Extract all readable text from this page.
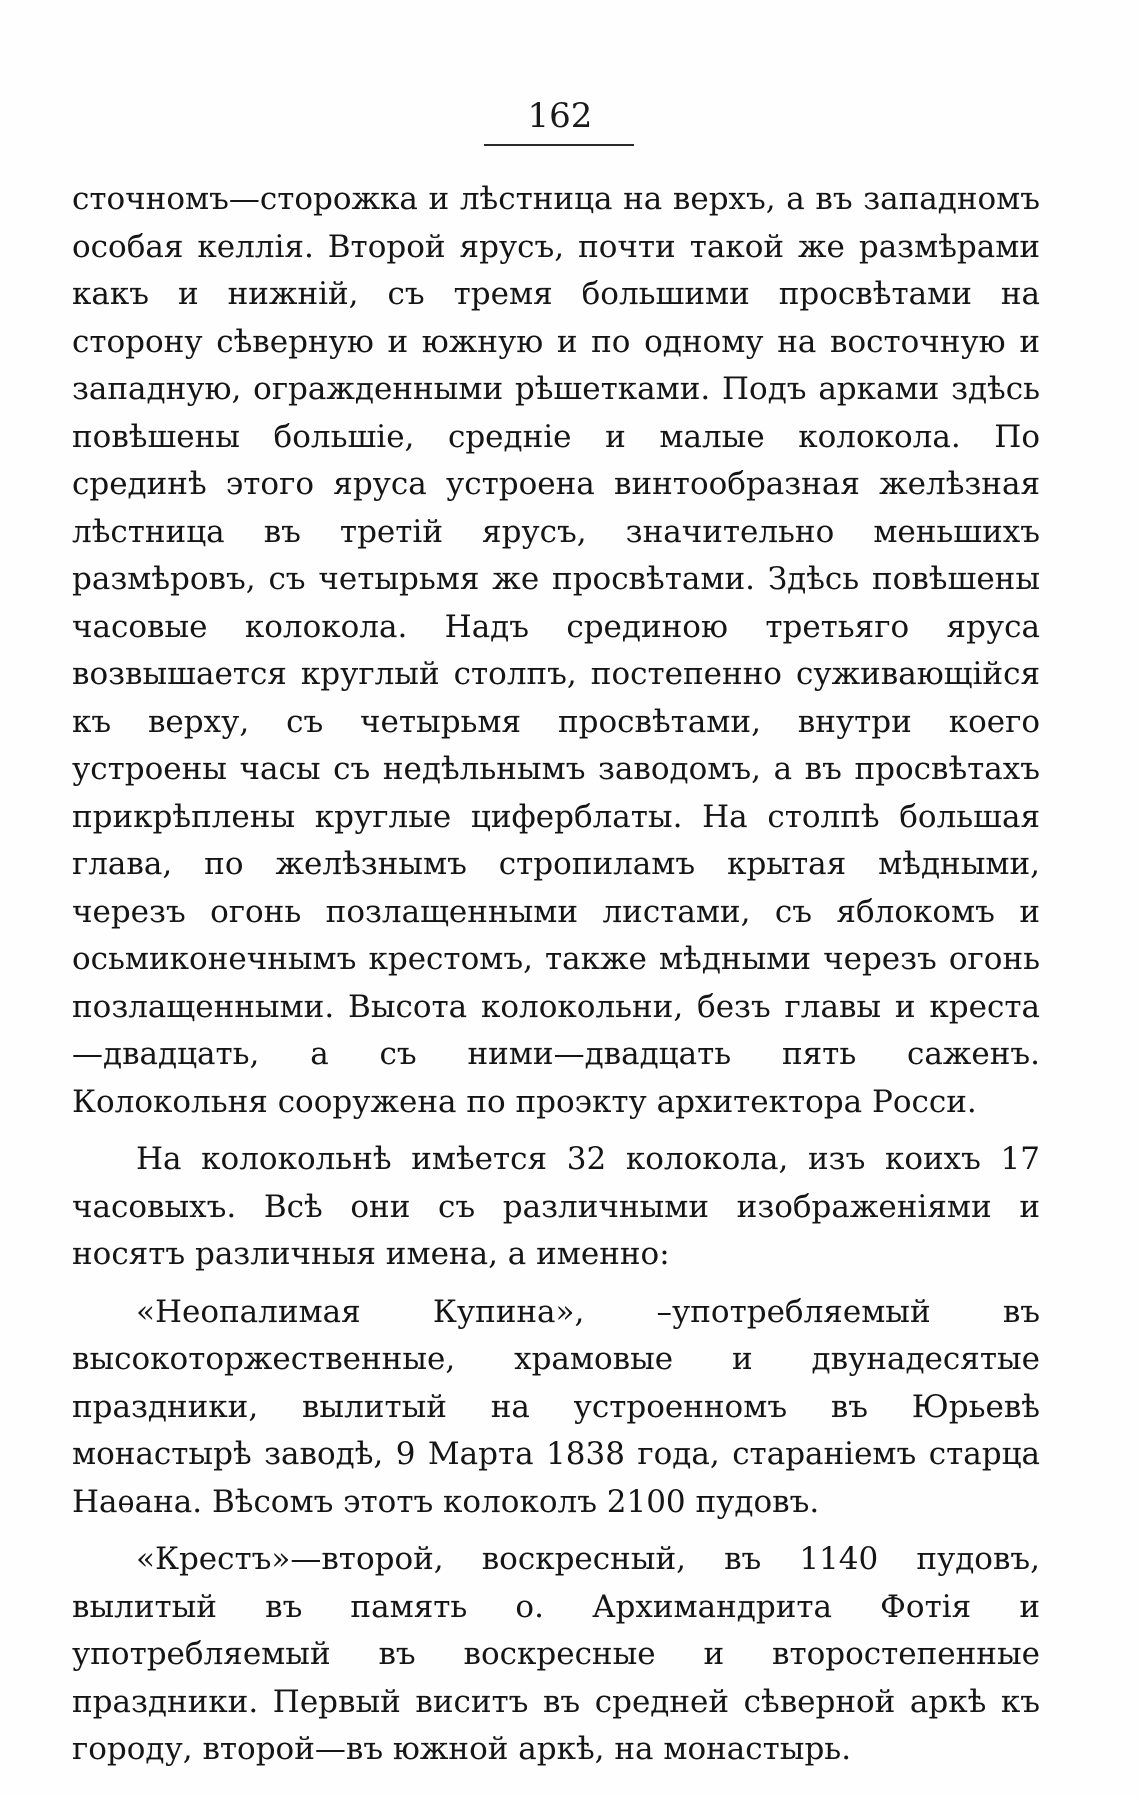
162

сточномъ—сторожка и лѣстница на верхъ, а въ западномъ особая келлія. Второй ярусъ, почти такой же размѣрами какъ и нижній, съ тремя большими просвѣтами на сторону сѣверную и южную и по одному на восточную и западную, огражденными рѣшетками. Подъ арками здѣсь повѣшены большіе, средніе и малые колокола. По срединѣ этого яруса устроена винтообразная желѣзная лѣстница въ третій ярусъ, значительно меньшихъ размѣровъ, съ четырьмя же просвѣтами. Здѣсь повѣшены часовые колокола. Надъ срединою третьяго яруса возвышается круглый столпъ, постепенно суживающійся къ верху, съ четырьмя просвѣтами, внутри коего устроены часы съ недѣльнымъ заводомъ, а въ просвѣтахъ прикрѣплены круглые циферблаты. На столпѣ большая глава, по желѣзнымъ стропиламъ крытая мѣдными, черезъ огонь позлащенными листами, съ яблокомъ и осьмиконечнымъ крестомъ, также мѣдными черезъ огонь позлащенными. Высота колокольни, безъ главы и креста—двадцать, а съ ними—двадцать пять саженъ. Колокольня сооружена по проэкту архитектора Росси.

На колокольнѣ имѣется 32 колокола, изъ коихъ 17 часовыхъ. Всѣ они съ различными изображеніями и носятъ различныя имена, а именно:

«Неопалимая Купина», –употребляемый въ высокоторжественные, храмовые и двунадесятые праздники, вылитый на устроенномъ въ Юрьевѣ монастырѣ заводѣ, 9 Марта 1838 года, стараніемъ старца Наѳана. Вѣсомъ этотъ колоколъ 2100 пудовъ.

«Крестъ»—второй, воскресный, въ 1140 пудовъ, вылитый въ память о. Архимандрита Фотія и употребляемый въ воскресные и второстепенные праздники. Первый виситъ въ средней сѣверной аркѣ къ городу, второй—въ южной аркѣ, на монастырь.
